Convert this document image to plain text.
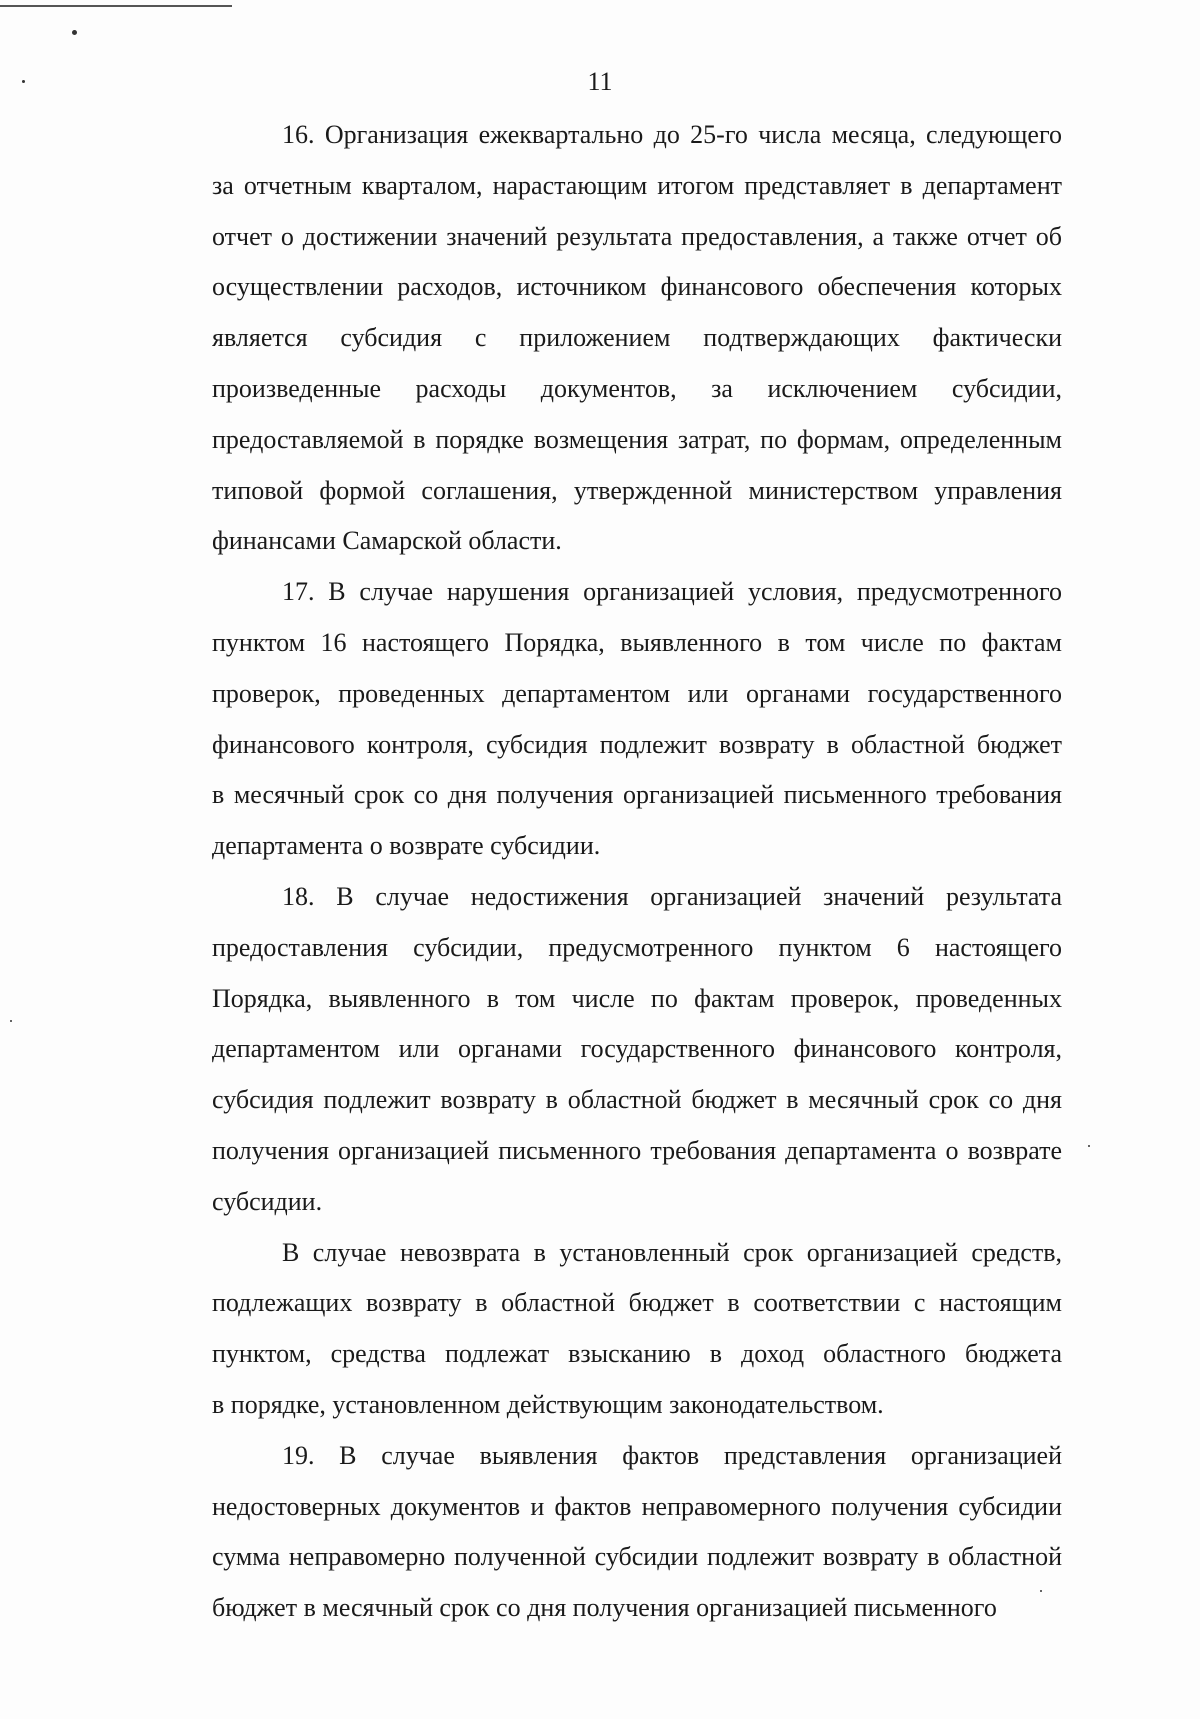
11
16. Организация ежеквартально до 25-го числа месяца, следующего
за отчетным кварталом, нарастающим итогом представляет в департамент
отчет о достижении значений результата предоставления, а также отчет об
осуществлении расходов, источником финансового обеспечения которых
является субсидия с приложением подтверждающих фактически
произведенные расходы документов, за исключением субсидии,
предоставляемой в порядке возмещения затрат, по формам, определенным
типовой формой соглашения, утвержденной министерством управления
финансами Самарской области.
17. В случае нарушения организацией условия, предусмотренного
пунктом 16 настоящего Порядка, выявленного в том числе по фактам
проверок, проведенных департаментом или органами государственного
финансового контроля, субсидия подлежит возврату в областной бюджет
в месячный срок со дня получения организацией письменного требования
департамента о возврате субсидии.
18. В случае недостижения организацией значений результата
предоставления субсидии, предусмотренного пунктом 6 настоящего
Порядка, выявленного в том числе по фактам проверок, проведенных
департаментом или органами государственного финансового контроля,
субсидия подлежит возврату в областной бюджет в месячный срок со дня
получения организацией письменного требования департамента о возврате
субсидии.
В случае невозврата в установленный срок организацией средств,
подлежащих возврату в областной бюджет в соответствии с настоящим
пунктом, средства подлежат взысканию в доход областного бюджета
в порядке, установленном действующим законодательством.
19. В случае выявления фактов представления организацией
недостоверных документов и фактов неправомерного получения субсидии
сумма неправомерно полученной субсидии подлежит возврату в областной
бюджет в месячный срок со дня получения организацией письменного
